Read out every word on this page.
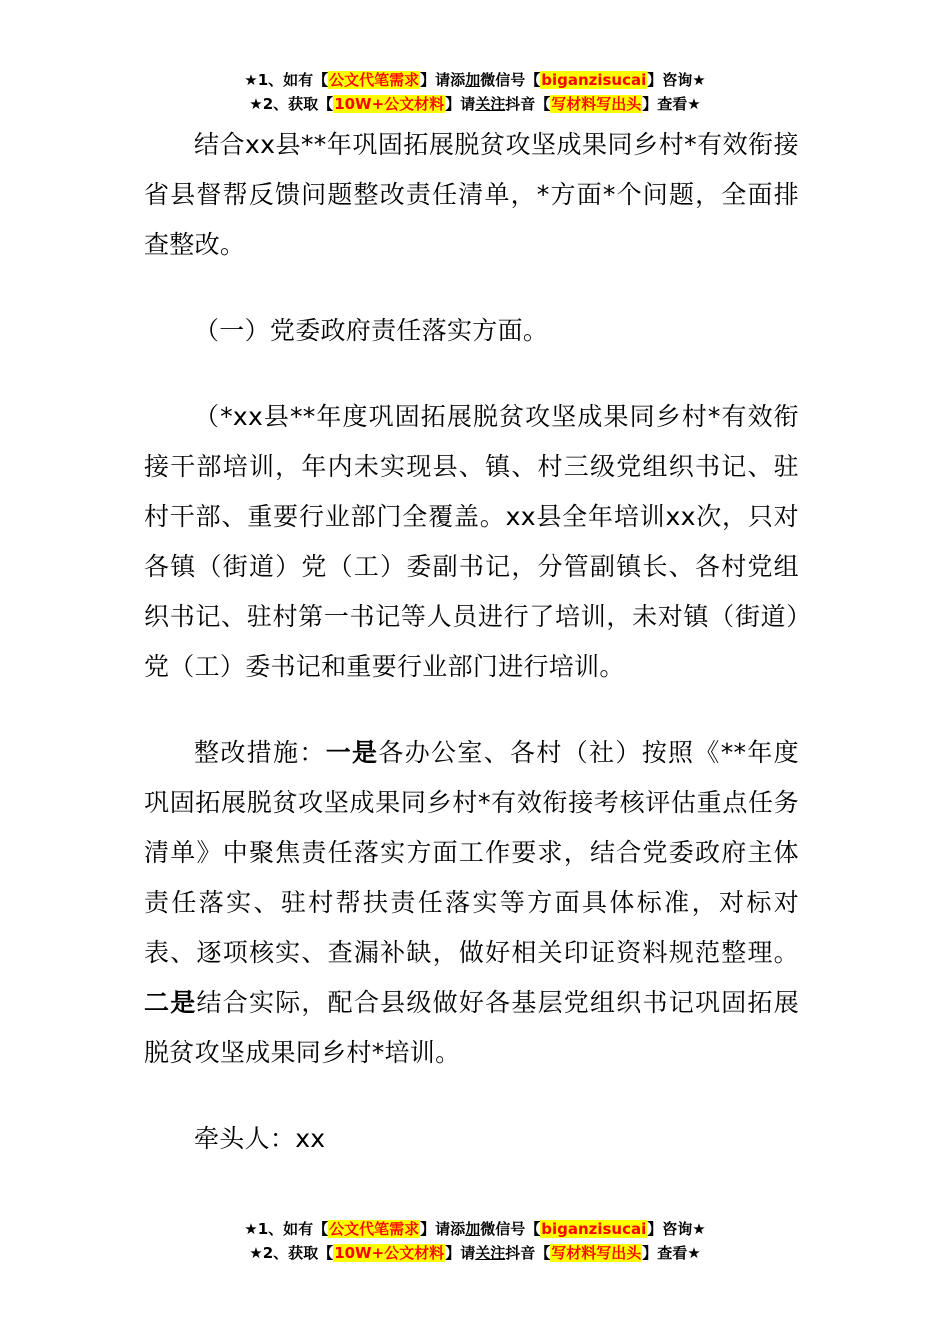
★1、如有【公文代笔需求】请添加微信号【biganzisucai】咨询★
★2、获取【10W+公文材料】请关注抖音【写材料写出头】查看★

结合xx县**年巩固拓展脱贫攻坚成果同乡村*有效衔接省县督帮反馈问题整改责任清单，*方面*个问题，全面排查整改。

（一）党委政府责任落实方面。

（*xx县**年度巩固拓展脱贫攻坚成果同乡村*有效衔接干部培训，年内未实现县、镇、村三级党组织书记、驻村干部、重要行业部门全覆盖。xx县全年培训xx次，只对各镇（街道）党（工）委副书记，分管副镇长、各村党组织书记、驻村第一书记等人员进行了培训，未对镇（街道）党（工）委书记和重要行业部门进行培训。

整改措施：一是各办公室、各村（社）按照《**年度巩固拓展脱贫攻坚成果同乡村*有效衔接考核评估重点任务清单》中聚焦责任落实方面工作要求，结合党委政府主体责任落实、驻村帮扶责任落实等方面具体标准，对标对表、逐项核实、查漏补缺，做好相关印证资料规范整理。二是结合实际，配合县级做好各基层党组织书记巩固拓展脱贫攻坚成果同乡村*培训。

牵头人：xx

★1、如有【公文代笔需求】请添加微信号【biganzisucai】咨询★
★2、获取【10W+公文材料】请关注抖音【写材料写出头】查看★
